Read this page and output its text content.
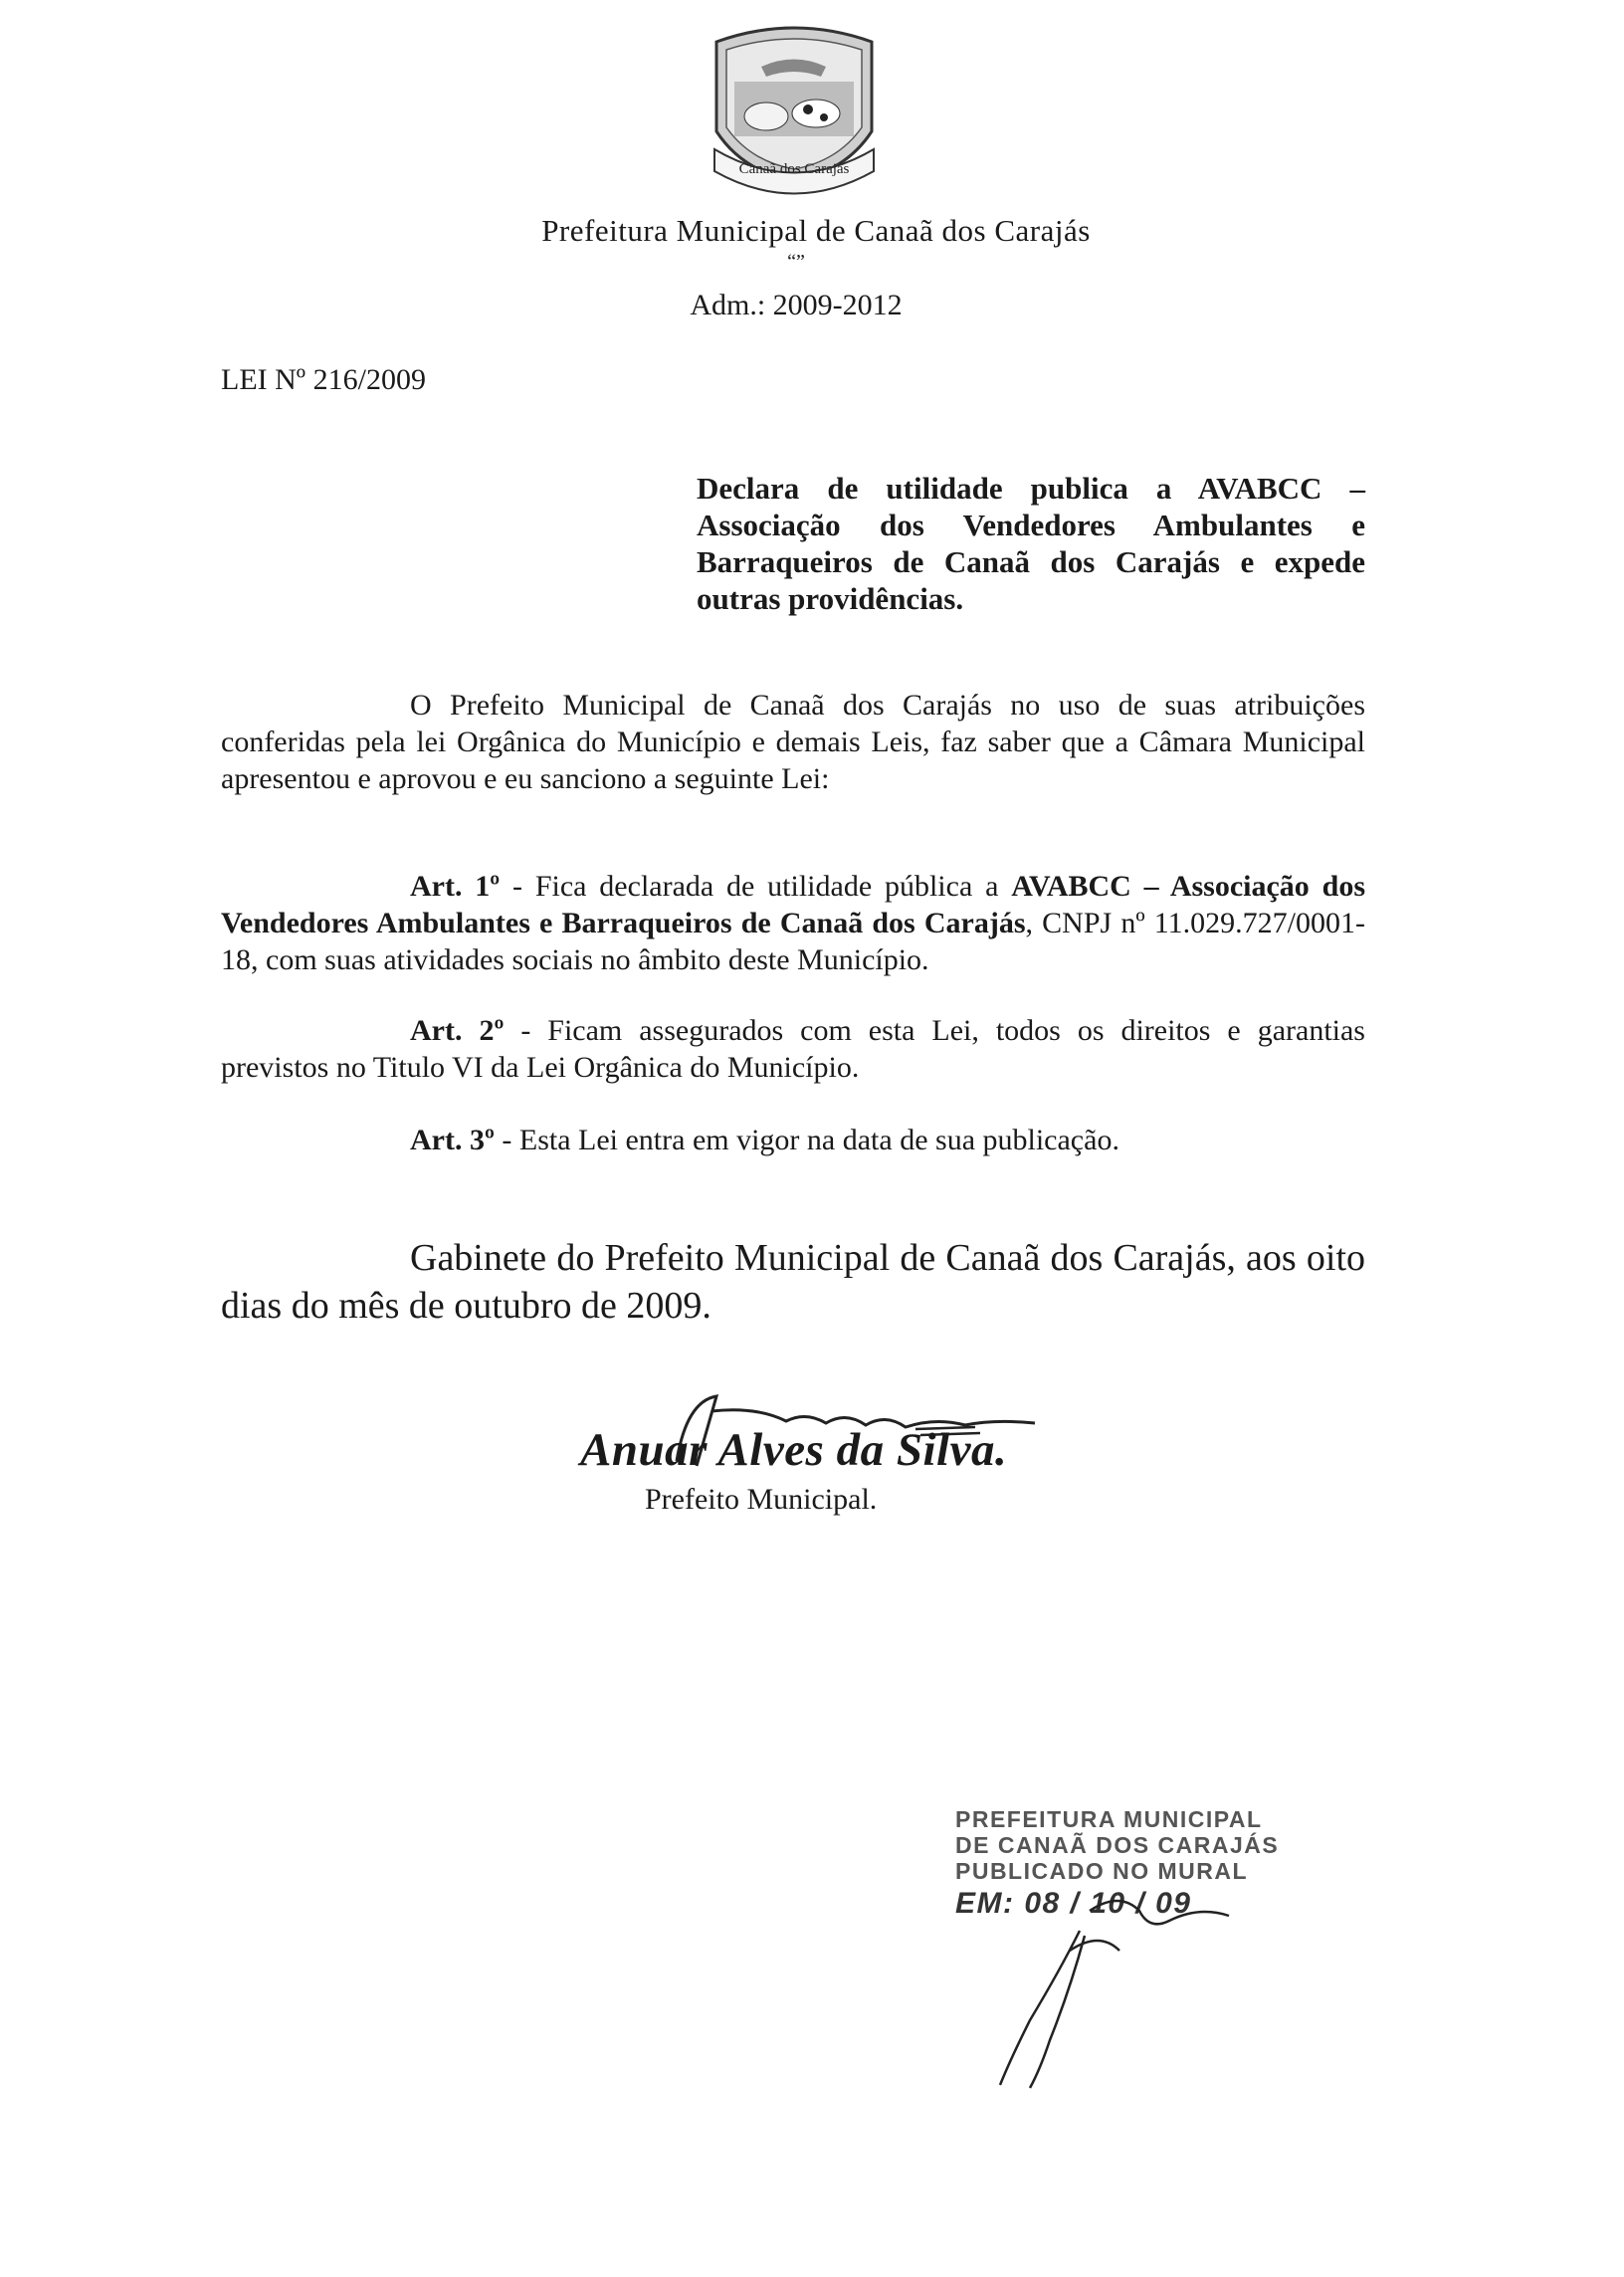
Canaã dos Carajás
Prefeitura Municipal de Canaã dos Carajás
“”
Adm.: 2009-2012
LEI Nº 216/2009
Declara de utilidade publica a AVABCC – Associação dos Vendedores Ambulantes e Barraqueiros de Canaã dos Carajás e expede outras providências.
O Prefeito Municipal de Canaã dos Carajás no uso de suas atribuições conferidas pela lei Orgânica do Município e demais Leis, faz saber que a Câmara Municipal apresentou e aprovou e eu sanciono a seguinte Lei:
Art. 1º - Fica declarada de utilidade pública a AVABCC – Associação dos Vendedores Ambulantes e Barraqueiros de Canaã dos Carajás, CNPJ nº 11.029.727/0001-18, com suas atividades sociais no âmbito deste Município.
Art. 2º - Ficam assegurados com esta Lei, todos os direitos e garantias previstos no Titulo VI da Lei Orgânica do Município.
Art. 3º - Esta Lei entra em vigor na data de sua publicação.
Gabinete do Prefeito Municipal de Canaã dos Carajás, aos oito dias do mês de outubro de 2009.
Anuar Alves da Silva.
Prefeito Municipal.
PREFEITURA MUNICIPAL
DE CANAÃ DOS CARAJÁS
PUBLICADO NO MURAL
EM: 08 / 10 / 09
